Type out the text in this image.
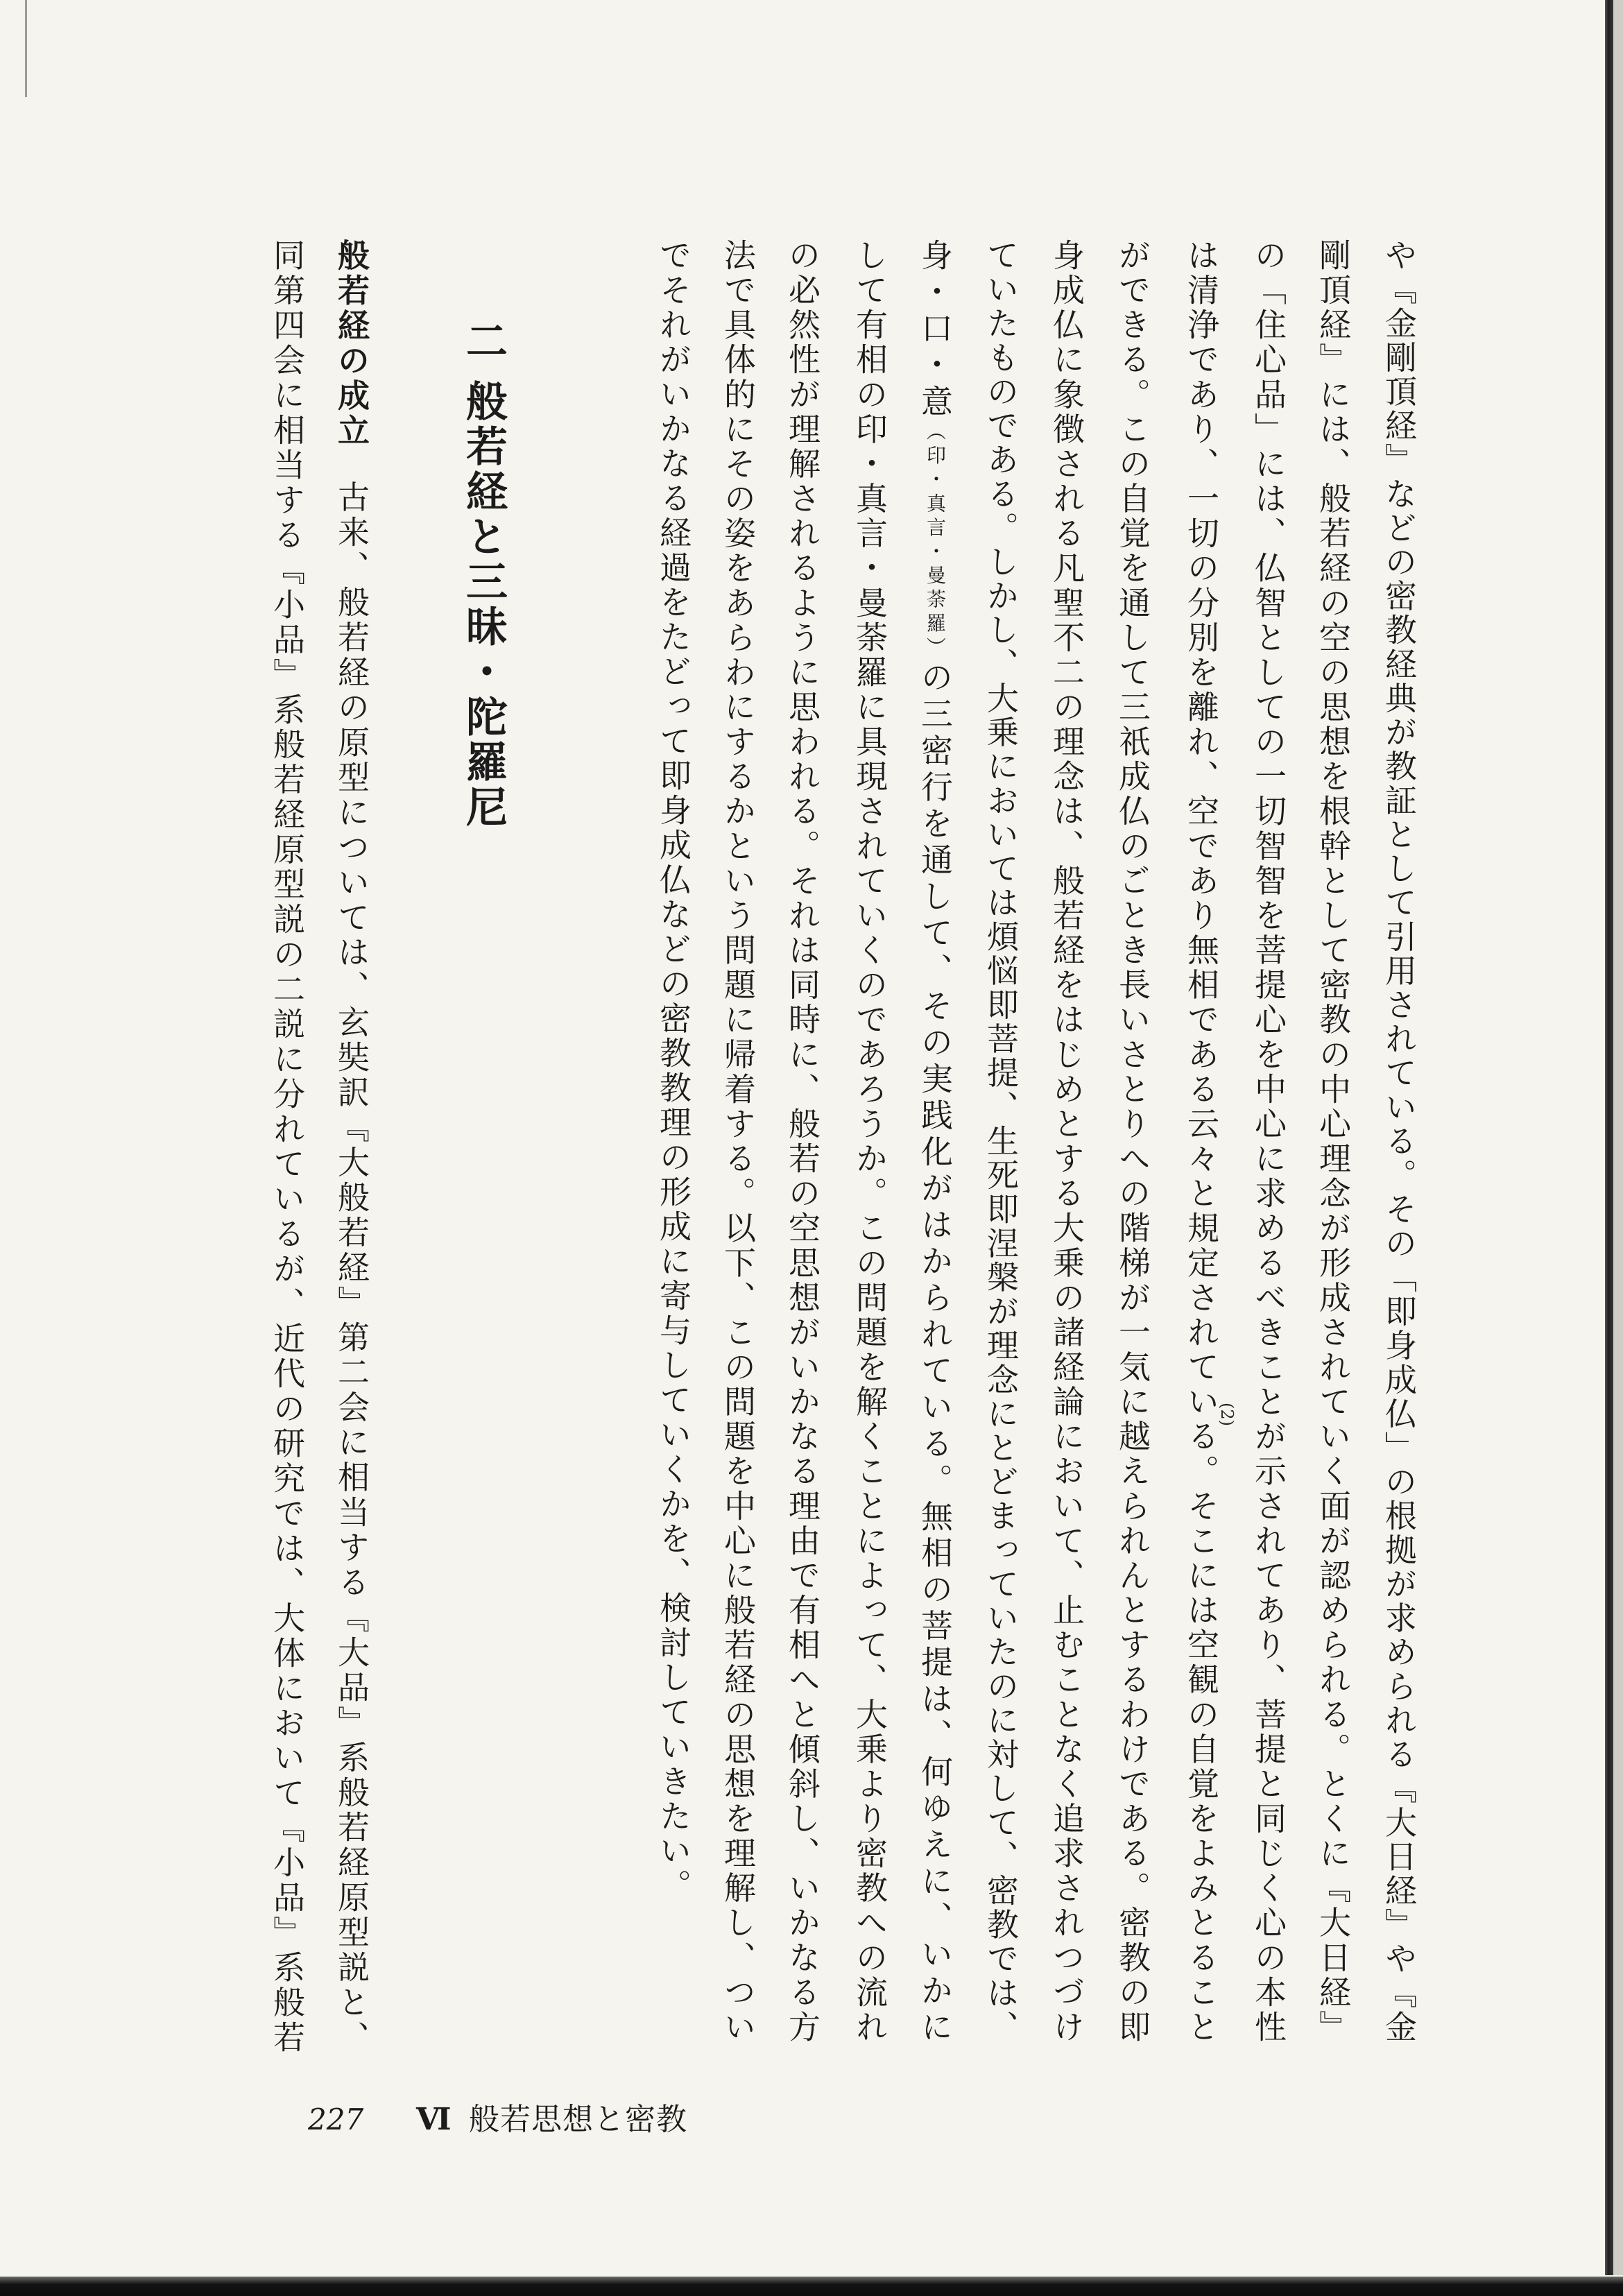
や『金剛頂経』などの密教経典が教証として引用されている。その「即身成仏」の根拠が求められる『大日経』や『金
剛頂経』には、般若経の空の思想を根幹として密教の中心理念が形成されていく面が認められる。とくに『大日経』
の「住心品」には、仏智としての一切智智を菩提心を中心に求めるべきことが示されてあり、菩提と同じく心の本性
は清浄であり、一切の分別を離れ、空であり無相である云々と規定されている。そこには空観の自覚をよみとること
ができる。この自覚を通して三祇成仏のごとき長いさとりへの階梯が一気に越えられんとするわけである。密教の即
身成仏に象徴される凡聖不二の理念は、般若経をはじめとする大乗の諸経論において、止むことなく追求されつづけ
ていたものである。しかし、大乗においては煩悩即菩提、生死即涅槃が理念にとどまっていたのに対して、密教では、
身・口・意（印・真言・曼荼羅）の三密行を通して、その実践化がはかられている。無相の菩提は、何ゆえに、いかに
して有相の印・真言・曼荼羅に具現されていくのであろうか。この問題を解くことによって、大乗より密教への流れ
の必然性が理解されるように思われる。それは同時に、般若の空思想がいかなる理由で有相へと傾斜し、いかなる方
法で具体的にその姿をあらわにするかという問題に帰着する。以下、この問題を中心に般若経の思想を理解し、つい
でそれがいかなる経過をたどって即身成仏などの密教教理の形成に寄与していくかを、検討していきたい。	(2)
二般若経と三昧・陀羅尼
般若経の成立古来、般若経の原型については、玄奘訳『大般若経』第二会に相当する『大品』系般若経原型説と、
同第四会に相当する『小品』系般若経原型説の二説に分れているが、近代の研究では、大体において『小品』系般若
227 Ⅵ 般若思想と密教
